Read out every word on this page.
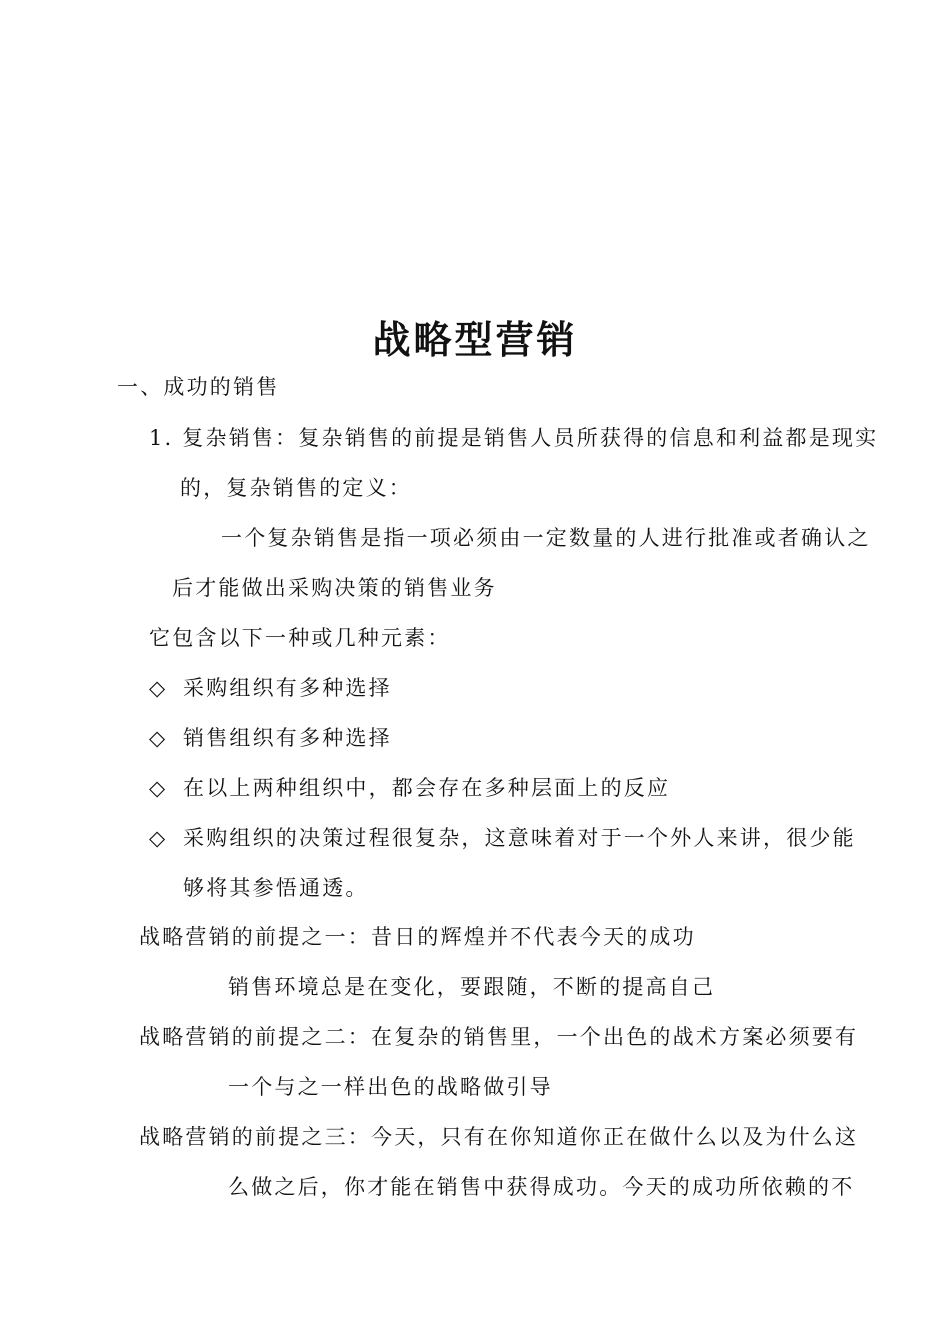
战略型营销
一、成功的销售
1. 复杂销售：复杂销售的前提是销售人员所获得的信息和利益都是现实
的，复杂销售的定义：
一个复杂销售是指一项必须由一定数量的人进行批准或者确认之
后才能做出采购决策的销售业务
它包含以下一种或几种元素：
◇ 采购组织有多种选择
◇ 销售组织有多种选择
◇ 在以上两种组织中，都会存在多种层面上的反应
◇ 采购组织的决策过程很复杂，这意味着对于一个外人来讲，很少能
够将其参悟通透。
战略营销的前提之一：昔日的辉煌并不代表今天的成功
销售环境总是在变化，要跟随，不断的提高自己
战略营销的前提之二：在复杂的销售里，一个出色的战术方案必须要有
一个与之一样出色的战略做引导
战略营销的前提之三：今天，只有在你知道你正在做什么以及为什么这
么做之后，你才能在销售中获得成功。今天的成功所依赖的不
